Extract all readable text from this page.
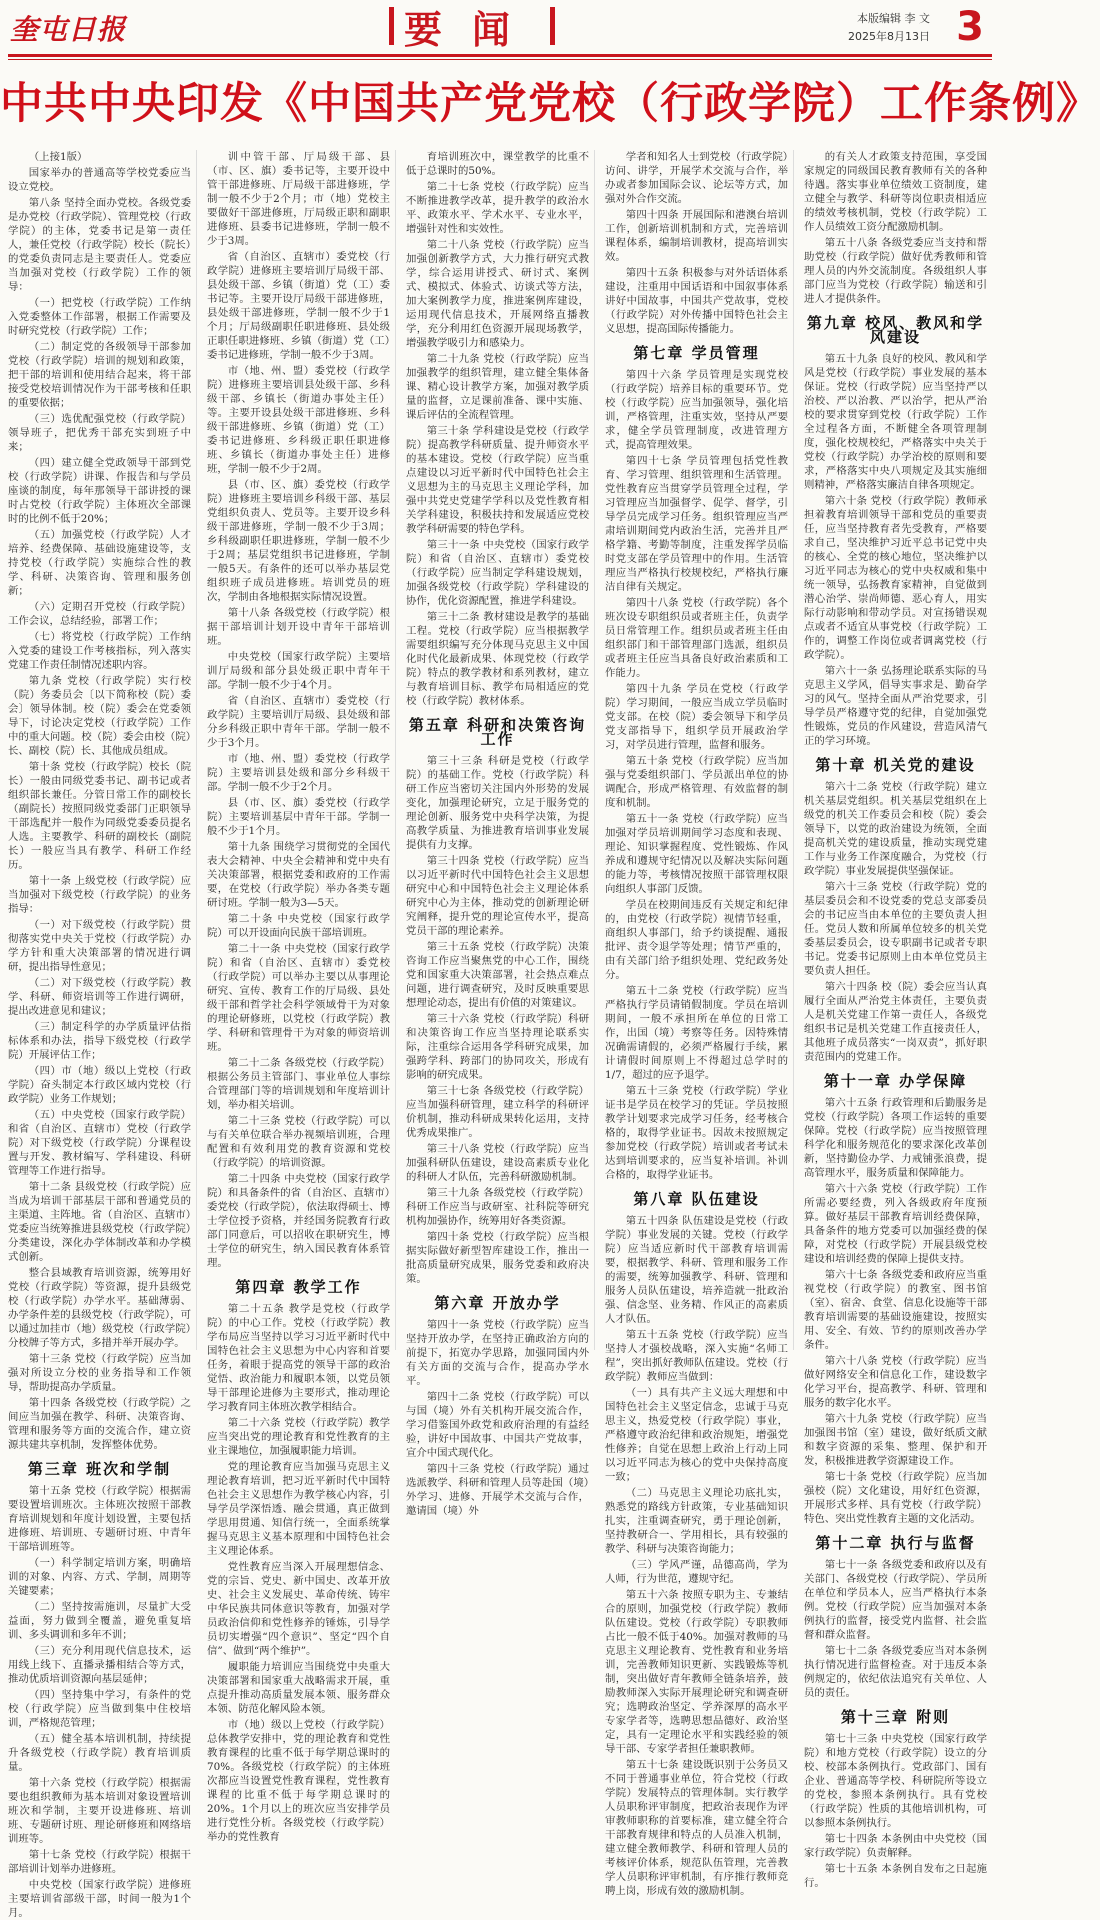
奎屯日报	要闻	本版编辑 李 文
2025年8月13日 3
中共中央印发《中国共产党党校（行政学院）工作条例》

（上接1版）

国家举办的普通高等学校党委应当设立党校。

第八条 坚持全面办党校。各级党委是办党校（行政学院）、管理党校（行政学院）的主体，党委书记是第一责任人，兼任党校（行政学院）校长（院长）的党委负责同志是主要责任人。党委应当加强对党校（行政学院）工作的领导：

（一）把党校（行政学院）工作纳入党委整体工作部署，根据工作需要及时研究党校（行政学院）工作；

（二）制定党的各级领导干部参加党校（行政学院）培训的规划和政策，把干部的培训和使用结合起来，将干部接受党校培训情况作为干部考核和任职的重要依据；

（三）选优配强党校（行政学院）领导班子，把优秀干部充实到班子中来；

（四）建立健全党政领导干部到党校（行政学院）讲课、作报告和与学员座谈的制度，每年那领导干部讲授的课时占党校（行政学院）主体班次全部课时的比例不低于20%；

（五）加强党校（行政学院）人才培养、经费保障、基础设施建设等，支持党校（行政学院）实施综合性的教学、科研、决策咨询、管理和服务创新；

（六）定期召开党校（行政学院）工作会议，总结经验，部署工作；

（七）将党校（行政学院）工作纳入党委的建设工作考核指标，列入落实党建工作责任制情况述职内容。

第九条 党校（行政学院）实行校（院）务委员会〔以下简称校（院）委会〕领导体制。校（院）委会在党委领导下，讨论决定党校（行政学院）工作中的重大问题。校（院）委会由校（院）长、副校（院）长、其他成员组成。

第十条 党校（行政学院）校长（院长）一般由同级党委书记、副书记或者组织部长兼任。分管日常工作的副校长（副院长）按照同级党委部门正职领导干部选配并一般作为同级党委委员提名人选。主要教学、科研的副校长（副院长）一般应当具有教学、科研工作经历。

第十一条 上级党校（行政学院）应当加强对下级党校（行政学院）的业务指导：

（一）对下级党校（行政学院）贯彻落实党中央关于党校（行政学院）办学方针和重大决策部署的情况进行调研，提出指导性意见；

（二）对下级党校（行政学院）教学、科研、师资培训等工作进行调研，提出改进意见和建议；

（三）制定科学的办学质量评估指标体系和办法，指导下级党校（行政学院）开展评估工作；

（四）市（地）级以上党校（行政学院）奋头制定本行政区域内党校（行政学院）业务工作规划；

（五）中央党校（国家行政学院）和省（自治区、直辖市）党校（行政学院）对下级党校（行政学院）分课程设置与开发、教材编写、学科建设、科研管理等工作进行指导。

第十二条 县级党校（行政学院）应当成为培训干部基层干部和普通党员的主渠道、主阵地。省（自治区、直辖市）党委应当统筹推进县级党校（行政学院）分类建设，深化办学体制改革和办学模式创新。

整合县域教育培训资源，统筹用好党校（行政学院）等资源，提升县级党校（行政学院）办学水平。基础薄弱、办学条件差的县级党校（行政学院），可以通过加挂市（地）级党校（行政学院）分校牌子等方式，多措并举开展办学。

第十三条 党校（行政学院）应当加强对所设立分校的业务指导和工作领导，帮助提高办学质量。

第十四条 各级党校（行政学院）之间应当加强在教学、科研、决策咨询、管理和服务等方面的交流合作，建立资源共建共享机制，发挥整体优势。

第三章 班次和学制

第十五条 党校（行政学院）根据需要设置培训班次。主体班次按照干部教育培训规划和年度计划设置，主要包括进修班、培训班、专题研讨班、中青年干部培训班等。

（一）科学制定培训方案，明确培训的对象、内容、方式、学制，周期等关键要素；

（二）坚持按需施训，尽量扩大受益面，努力做到全覆盖，避免重复培训、多头调训和多年不训；

（三）充分利用现代信息技术，运用线上线下、直播录播相结合等方式，推动优质培训资源向基层延伸；

（四）坚持集中学习，有条件的党校（行政学院）应当做到集中住校培训，严格规范管理；

（五）健全基本培训机制，持续提升各级党校（行政学院）教育培训质量。

第十六条 党校（行政学院）根据需要也组织教师为基本培训对象设置培训班次和学制，主要开设进修班、培训班、专题研讨班、理论研修班和网络培训班等。

第十七条 党校（行政学院）根据干部培训计划举办进修班。

中央党校（国家行政学院）进修班主要培训省部级干部，时间一般为1个月。

训中管干部、厅局级干部、县（市、区、旗）委书记等，主要开设中管干部进修班、厅局级干部进修班，学制一般不少于2个月；市（地）党校主要做好干部进修班，厅局级正职和副职进修班、县委书记进修班，学制一般不少于3周。

省（自治区、直辖市）委党校（行政学院）进修班主要培训厅局级干部、县处级干部、乡镇（街道）党（工）委书记等。主要开设厅局级干部进修班，县处级干部进修班，学制一般不少于1个月；厅局级副职任职进修班、县处级正职任职进修班、乡镇（街道）党（工）委书记进修班，学制一般不少于3周。

市（地、州、盟）委党校（行政学院）进修班主要培训县处级干部、乡科级干部、乡镇长（街道办事处主任）等。主要开设县处级干部进修班、乡科级干部进修班、乡镇（街道）党（工）委书记进修班、乡科级正职任职进修班、乡镇长（街道办事处主任）进修班，学制一般不少于2周。

县（市、区、旗）委党校（行政学院）进修班主要培训乡科级干部、基层党组织负责人、党员等。主要开设乡科级干部进修班，学制一般不少于3周；乡科级副职任职进修班，学制一般不少于2周；基层党组织书记进修班，学制一般5天。有条件的还可以举办基层党组织班子成员进修班。培训党员的班次，学制由各地根据实际情况设置。

第十八条 各级党校（行政学院）根据干部培训计划开设中青年干部培训班。

中央党校（国家行政学院）主要培训厅局级和部分县处级正职中青年干部。学制一般不少于4个月。

省（自治区、直辖市）委党校（行政学院）主要培训厅局级、县处级和部分乡科级正职中青年干部。学制一般不少于3个月。

市（地、州、盟）委党校（行政学院）主要培训县处级和部分乡科级干部。学制一般不少于2个月。

县（市、区、旗）委党校（行政学院）主要培训基层中青年干部。学制一般不少于1个月。

第十九条 围绕学习贯彻党的全国代表大会精神、中央全会精神和党中央有关决策部署，根据党委和政府的工作需要，在党校（行政学院）举办各类专题研讨班。学制一般为3—5天。

第二十条 中央党校（国家行政学院）可以开设面向民族干部培训班。

第二十一条 中央党校（国家行政学院）和省（自治区、直辖市）委党校（行政学院）可以举办主要以从事理论研究、宣传、教育工作的厅局级、县处级干部和哲学社会科学领域骨干为对象的理论研修班，以党校（行政学院）教学、科研和管理骨干为对象的师资培训班。

第二十二条 各级党校（行政学院）根据公务员主管部门、事业单位人事综合管理部门等的培训规划和年度培训计划，举办相关培训。

第二十三条 党校（行政学院）可以与有关单位联合举办视频培训班，合理配置和有效利用党的教育资源和党校（行政学院）的培训资源。

第二十四条 中央党校（国家行政学院）和具备条件的省（自治区、直辖市）委党校（行政学院），依法取得硕士、博士学位授予资格，并经国务院教育行政部门同意后，可以招收在职研究生，博士学位的研究生，纳入国民教育体系管理。

第四章 教学工作

第二十五条 教学是党校（行政学院）的中心工作。党校（行政学院）教学布局应当坚持以学习习近平新时代中国特色社会主义思想为中心内容和首要任务，着眼于提高党的领导干部的政治觉悟、政治能力和履职本领，以党员领导干部理论进修为主要形式，推动理论学习教育同主体班次教学相结合。

第二十六条 党校（行政学院）教学应当突出党的理论教育和党性教育的主业主课地位，加强履职能力培训。

党的理论教育应当加强马克思主义理论教育培训，把习近平新时代中国特色社会主义思想作为教学核心内容，引导学员学深悟透、融会贯通，真正做到学思用贯通、知信行统一，全面系统掌握马克思主义基本原理和中国特色社会主义理论体系。

党性教育应当深入开展理想信念、党的宗旨、党史、新中国史、改革开放史、社会主义发展史、革命传统、铸牢中华民族共同体意识等教育，加强对学员政治信仰和党性修养的锤炼，引导学员切实增强“四个意识”、坚定“四个自信”、做到“两个维护”。

履职能力培训应当围绕党中央重大决策部署和国家重大战略需求开展，重点提升推动高质量发展本领、服务群众本领、防范化解风险本领。

市（地）级以上党校（行政学院）总体教学安排中，党的理论教育和党性教育课程的比重不低于每学期总课时的70%。各级党校（行政学院）的主体班次都应当设置党性教育课程，党性教育课程的比重不低于每学期总课时的20%。1个月以上的班次应当安排学员进行党性分析。各级党校（行政学院）举办的党性教育

育培训班次中，课堂教学的比重不低于总课时的50%。

第二十七条 党校（行政学院）应当不断推进教学改革，提升教学的政治水平、政策水平、学术水平、专业水平，增强针对性和实效性。

第二十八条 党校（行政学院）应当加强创新教学方式，大力推行研究式教学，综合运用讲授式、研讨式、案例式、模拟式、体验式、访谈式等方法，加大案例教学力度，推进案例库建设，运用现代信息技术，开展网络直播教学，充分利用红色资源开展现场教学，增强教学吸引力和感染力。

第二十九条 党校（行政学院）应当加强教学的组织管理，建立健全集体备课、精心设计教学方案，加强对教学质量的监督，立足课前准备、课中实施、课后评估的全流程管理。

第三十条 学科建设是党校（行政学院）提高教学科研质量、提升师资水平的基本建设。党校（行政学院）应当重点建设以习近平新时代中国特色社会主义思想为主的马克思主义理论学科，加强中共党史党建学学科以及党性教育相关学科建设，积极扶持和发展适应党校教学科研需要的特色学科。

第三十一条 中央党校（国家行政学院）和省（自治区、直辖市）委党校（行政学院）应当制定学科建设规划，加强各级党校（行政学院）学科建设的协作，优化资源配置，推进学科建设。

第三十二条 教材建设是教学的基础工程。党校（行政学院）应当根据教学需要组织编写充分体现马克思主义中国化时代化最新成果、体现党校（行政学院）特点的教学教材和系列教材，建立与教育培训目标、教学布局相适应的党校（行政学院）教材体系。

第五章 科研和决策咨询工作

第三十三条 科研是党校（行政学院）的基础工作。党校（行政学院）科研工作应当密切关注国内外形势的发展变化，加强理论研究，立足于服务党的理论创新、服务党中央科学决策，为提高教学质量、为推进教育培训事业发展提供有力支撑。

第三十四条 党校（行政学院）应当以习近平新时代中国特色社会主义思想研究中心和中国特色社会主义理论体系研究中心为主体，推动党的创新理论研究阐释，提升党的理论宣传水平，提高党员干部的理论素养。

第三十五条 党校（行政学院）决策咨询工作应当聚焦党的中心工作，围绕党和国家重大决策部署，社会热点难点问题，进行调查研究，及时反映重要思想理论动态，提出有价值的对策建议。

第三十六条 党校（行政学院）科研和决策咨询工作应当坚持理论联系实际，注重综合运用各学科研究成果，加强跨学科、跨部门的协同攻关，形成有影响的研究成果。

第三十七条 各级党校（行政学院）应当加强科研管理，建立科学的科研评价机制，推动科研成果转化运用，支持优秀成果推广。

第三十八条 党校（行政学院）应当加强科研队伍建设，建设高素质专业化的科研人才队伍，完善科研激励机制。

第三十九条 各级党校（行政学院）科研工作应当与政研室、社科院等研究机构加强协作，统筹用好各类资源。

第四十条 党校（行政学院）应当根据实际做好新型智库建设工作，推出一批高质量研究成果，服务党委和政府决策。

第六章 开放办学

第四十一条 党校（行政学院）应当坚持开放办学，在坚持正确政治方向的前提下，拓宽办学思路，加强同国内外有关方面的交流与合作，提高办学水平。

第四十二条 党校（行政学院）可以与国（境）外有关机构开展交流合作，学习借鉴国外政党和政府治理的有益经验，讲好中国故事、中国共产党故事，宣介中国式现代化。

第四十三条 党校（行政学院）通过选派教学、科研和管理人员等赴国（境）外学习、进修、开展学术交流与合作，邀请国（境）外

学者和知名人士到党校（行政学院）访问、讲学，开展学术交流与合作，举办或者参加国际会议、论坛等方式，加强对外合作交流。

第四十四条 开展国际和港澳台培训工作，创新培训机制和方式，完善培训课程体系，编制培训教材，提高培训实效。

第四十五条 积极参与对外话语体系建设，注重用中国话语和中国叙事体系讲好中国故事，中国共产党故事，党校（行政学院）对外传播中国特色社会主义思想，提高国际传播能力。

第七章 学员管理

第四十六条 学员管理是实现党校（行政学院）培养目标的重要环节。党校（行政学院）应当加强领导，强化培训，严格管理，注重实效，坚持从严要求，健全学员管理制度，改进管理方式，提高管理效果。

第四十七条 学员管理包括党性教育、学习管理、组织管理和生活管理。党性教育应当贯穿学员管理全过程，学习管理应当加强督学、促学、督学，引导学员完成学习任务。组织管理应当严肃培训期间党内政治生活，完善并且严格学籍、考勤等制度，注重发挥学员临时党支部在学员管理中的作用。生活管理应当严格执行校规校纪，严格执行廉洁自律有关规定。

第四十八条 党校（行政学院）各个班次设专职组织员或者班主任，负责学员日常管理工作。组织员或者班主任由组织部门和干部管理部门选派，组织员或者班主任应当具备良好政治素质和工作能力。

第四十九条 学员在党校（行政学院）学习期间，一般应当成立学员临时党支部。在校（院）委会领导下和学员党支部指导下，组织学员开展政治学习，对学员进行管理，监督和服务。

第五十条 党校（行政学院）应当加强与党委组织部门、学员派出单位的协调配合，形成严格管理、有效监督的制度和机制。

第五十一条 党校（行政学院）应当加强对学员培训期间学习态度和表现、理论、知识掌握程度、党性锻炼、作风养成和遵规守纪情况以及解决实际问题的能力等，考核情况按照干部管理权限向组织人事部门反馈。

学员在校期间违反有关规定和纪律的，由党校（行政学院）视情节轻重，商组织人事部门，给予约谈提醒、通报批评、责令退学等处理；情节严重的，由有关部门给予组织处理、党纪政务处分。

第五十二条 党校（行政学院）应当严格执行学员请销假制度。学员在培训期间，一般不承担所在单位的日常工作，出国（境）考察等任务。因特殊情况确需请假的，必须严格履行手续，累计请假时间原则上不得超过总学时的1/7，超过的应予退学。

第五十三条 党校（行政学院）学业证书是学员在校学习的凭证。学员按照教学计划要求完成学习任务，经考核合格的，取得学业证书。因故未按照规定参加党校（行政学院）培训或者考试未达到培训要求的，应当复补培训。补训合格的，取得学业证书。

第八章 队伍建设

第五十四条 队伍建设是党校（行政学院）事业发展的关键。党校（行政学院）应当适应新时代干部教育培训需要，根据教学、科研、管理和服务工作的需要，统筹加强教学、科研、管理和服务人员队伍建设，培养造就一批政治强、信念坚、业务精、作风正的高素质人才队伍。

第五十五条 党校（行政学院）应当坚持人才强校战略，深入实施“名师工程”，突出抓好教师队伍建设。党校（行政学院）教师应当做到：

（一）具有共产主义远大理想和中国特色社会主义坚定信念，忠诚于马克思主义，热爱党校（行政学院）事业，严格遵守政治纪律和政治规矩，增强党性修养；自觉在思想上政治上行动上同以习近平同志为核心的党中央保持高度一致；

（二）马克思主义理论功底扎实，熟悉党的路线方针政策，专业基础知识扎实，注重调查研究，勇于理论创新，坚持教研合一、学用相长，具有较强的教学、科研与决策咨询能力；

（三）学风严谨，品德高尚，学为人师，行为世范，遵规守纪。

第五十六条 按照专职为主、专兼结合的原则，加强党校（行政学院）教师队伍建设。党校（行政学院）专职教师占比一般不低于40%。加强对教师的马克思主义理论教育、党性教育和业务培训，完善教师知识更新、实践锻炼等机制，突出做好青年教师全链条培养，鼓励教师深入实际开展理论研究和调查研究；选聘政治坚定、学养深厚的高水平专家学者等，选聘思想品德好、政治坚定，具有一定理论水平和实践经验的领导干部、专家学者担任兼职教师。

第五十七条 建设既识别于公务员又不同于普通事业单位，符合党校（行政学院）发展特点的管理体制。实行教学人员职称评审制度，把政治表现作为评审教师职称的首要标准，建立健全符合干部教育规律和特点的人员准入机制，建立健全教师教学、科研和管理人员的考核评价体系，规范队伍管理，完善教学人员职称评审机制，有序推行教师竞聘上岗，形成有效的激励机制。

的有关人才政策支持范围，享受国家规定的同级国民教育教师有关的各种待遇。落实事业单位绩效工资制度，建立健全与教学、科研等岗位职责相适应的绩效考核机制，党校（行政学院）工作人员绩效工资分配激励机制。

第五十八条 各级党委应当支持和帮助党校（行政学院）做好优秀教师和管理人员的内外交流制度。各级组织人事部门应当为党校（行政学院）输送和引进人才提供条件。

第九章 校风、教风和学风建设

第五十九条 良好的校风、教风和学风是党校（行政学院）事业发展的基本保证。党校（行政学院）应当坚持严以治校、严以治教、严以治学，把从严治校的要求贯穿到党校（行政学院）工作全过程各方面，不断健全各项管理制度，强化校规校纪，严格落实中央关于党校（行政学院）办学治校的原则和要求，严格落实中央八项规定及其实施细则精神，严格落实廉洁自律各项规定。

第六十条 党校（行政学院）教师承担着教育培训领导干部和党员的重要责任，应当坚持教育者先受教育，严格要求自己，坚决维护习近平总书记党中央的核心、全党的核心地位，坚决维护以习近平同志为核心的党中央权威和集中统一领导，弘扬教育家精神，自觉做到潜心治学、崇尚师德、恶心育人，用实际行动影响和带动学员。对宣扬错误观点或者不适宜从事党校（行政学院）工作的，调整工作岗位或者调离党校（行政学院）。

第六十一条 弘扬理论联系实际的马克思主义学风，倡导实事求是、勤奋学习的风气。坚持全面从严治党要求，引导学员严格遵守党的纪律，自觉加强党性锻炼，党员的作风建设，营造风清气正的学习环境。

第十章 机关党的建设

第六十二条 党校（行政学院）建立机关基层党组织。机关基层党组织在上级党的机关工作委员会和校（院）委会领导下，以党的政治建设为统领，全面提高机关党的建设质量，推动实现党建工作与业务工作深度融合，为党校（行政学院）事业发展提供坚强保证。

第六十三条 党校（行政学院）党的基层委员会和不设党委的党总支部委员会的书记应当由本单位的主要负责人担任。党员人数和所属单位较多的机关党委基层委员会，设专职副书记或者专职书记。党委书记原则上由本单位党员主要负责人担任。

第六十四条 校（院）委会应当认真履行全面从严治党主体责任，主要负责人是机关党建工作第一责任人，各级党组织书记是机关党建工作直接责任人，其他班子成员落实“一岗双责”，抓好职责范围内的党建工作。

第十一章 办学保障

第六十五条 行政管理和后勤服务是党校（行政学院）各项工作运转的重要保障。党校（行政学院）应当按照管理科学化和服务规范化的要求深化改革创新，坚持勤俭办学、力戒铺张浪费，提高管理水平，服务质量和保障能力。

第六十六条 党校（行政学院）工作所需必要经费，列入各级政府年度预算。做好基层干部教育培训经费保障，具备条件的地方党委可以加强经费的保障，对党校（行政学院）开展县级党校建设和培训经费的保障上提供支持。

第六十七条 各级党委和政府应当重视党校（行政学院）的教室、图书馆（室）、宿舍、食堂、信息化设施等干部教育培训需要的基础设施建设，按照实用、安全、有效、节约的原则改善办学条件。

第六十八条 党校（行政学院）应当做好网络安全和信息化工作，建设数字化学习平台，提高教学、科研、管理和服务的数字化水平。

第六十九条 党校（行政学院）应当加强图书馆（室）建设，做好纸质文献和数字资源的采集、整理、保护和开发，积极推进教学资源建设工作。

第七十条 党校（行政学院）应当加强校（院）文化建设，用好红色资源，开展形式多样、具有党校（行政学院）特色、突出党性教育主题的文化活动。

第十二章 执行与监督

第七十一条 各级党委和政府以及有关部门、各级党校（行政学院）、学员所在单位和学员本人，应当严格执行本条例。党校（行政学院）应当加强对本条例执行的监督，接受党内监督、社会监督和群众监督。

第七十二条 各级党委应当对本条例执行情况进行监督检查。对于违反本条例规定的，依纪依法追究有关单位、人员的责任。

第十三章 附则

第七十三条 中央党校（国家行政学院）和地方党校（行政学院）设立的分校、校部本条例执行。党政部门、国有企业、普通高等学校、科研院所等设立的党校，参照本条例执行。具有党校（行政学院）性质的其他培训机构，可以参照本条例执行。

第七十四条 本条例由中央党校（国家行政学院）负责解释。

第七十五条 本条例自发布之日起施行。
